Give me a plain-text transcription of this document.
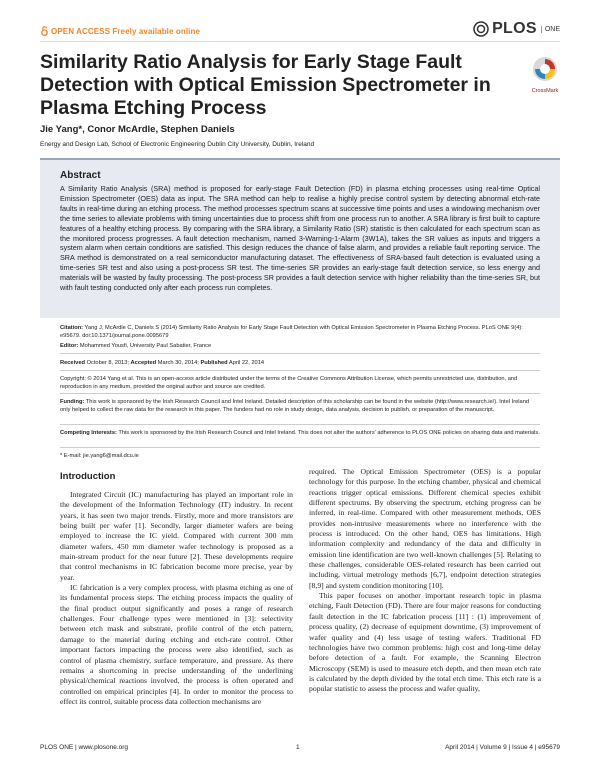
OPEN ACCESS Freely available online	PLOS	ONE
Similarity Ratio Analysis for Early Stage Fault Detection with Optical Emission Spectrometer in Plasma Etching Process
CrossMark
Jie Yang*, Conor McArdle, Stephen Daniels
Energy and Design Lab, School of Electronic Engineering Dublin City University, Dublin, Ireland
Abstract
A Similarity Ratio Analysis (SRA) method is proposed for early-stage Fault Detection (FD) in plasma etching processes using real-time Optical Emission Spectrometer (OES) data as input. The SRA method can help to realise a highly precise control system by detecting abnormal etch-rate faults in real-time during an etching process. The method processes spectrum scans at successive time points and uses a windowing mechanism over the time series to alleviate problems with timing uncertainties due to process shift from one process run to another. A SRA library is first built to capture features of a healthy etching process. By comparing with the SRA library, a Similarity Ratio (SR) statistic is then calculated for each spectrum scan as the monitored process progresses. A fault detection mechanism, named 3-Warning-1-Alarm (3W1A), takes the SR values as inputs and triggers a system alarm when certain conditions are satisfied. This design reduces the chance of false alarm, and provides a reliable fault reporting service. The SRA method is demonstrated on a real semiconductor manufacturing dataset. The effectiveness of SRA-based fault detection is evaluated using a time-series SR test and also using a post-process SR test. The time-series SR provides an early-stage fault detection service, so less energy and materials will be wasted by faulty processing. The post-process SR provides a fault detection service with higher reliability than the time-series SR, but with fault testing conducted only after each process run completes.
Citation: Yang J, McArdle C, Daniels S (2014) Similarity Ratio Analysis for Early Stage Fault Detection with Optical Emission Spectrometer in Plasma Etching Process. PLoS ONE 9(4): e95679. doi:10.1371/journal.pone.0095679
Editor: Mohammed Yousfi, University Paul Sabatier, France
Received October 8, 2013; Accepted March 30, 2014; Published April 22, 2014
Copyright: © 2014 Yang et al. This is an open-access article distributed under the terms of the Creative Commons Attribution License, which permits unrestricted use, distribution, and reproduction in any medium, provided the original author and source are credited.
Funding: This work is sponsored by the Irish Research Council and Intel Ireland. Detailed description of this scholarship can be found in the website (http://www.research.ie/). Intel Ireland only helped to collect the raw data for the research in this paper. The funders had no role in study design, data analysis, decision to publish, or preparation of the manuscript.
Competing Interests: This work is sponsored by the Irish Research Council and Intel Ireland. This does not alter the authors' adherence to PLOS ONE policies on sharing data and materials.
* E-mail: jie.yang6@mail.dcu.ie
Introduction

Integrated Circuit (IC) manufacturing has played an important role in the development of the Information Technology (IT) industry. In recent years, it has seen two major trends. Firstly, more and more transistors are being built per wafer [1]. Secondly, larger diameter wafers are being employed to increase the IC yield. Compared with current 300 mm diameter wafers, 450 mm diameter wafer technology is proposed as a main-stream product for the near future [2]. These developments require that control mechanisms in IC fabrication become more precise, year by year.

IC fabrication is a very complex process, with plasma etching as one of its fundamental process steps. The etching process impacts the quality of the final product output significantly and poses a range of research challenges. Four challenge types were mentioned in [3]: selectivity between etch mask and substrate, profile control of the etch pattern, damage to the material during etching and etch-rate control. Other important factors impacting the process were also identified, such as control of plasma chemistry, surface temperature, and pressure. As there remains a shortcoming in precise understanding of the underlining physical/chemical reactions involved, the process is often operated and controlled on empirical principles [4]. In order to monitor the process to effect its control, suitable process data collection mechanisms are

required. The Optical Emission Spectrometer (OES) is a popular technology for this purpose. In the etching chamber, physical and chemical reactions trigger optical emissions. Different chemical species exhibit different spectrums. By observing the spectrum, etching progress can be inferred, in real-time. Compared with other measurement methods, OES provides non-intrusive measurements where no interference with the process is introduced. On the other hand, OES has limitations. High information complexity and redundancy of the data and difficulty in emission line identification are two well-known challenges [5]. Relating to these challenges, considerable OES-related research has been carried out including, virtual metrology methods [6,7], endpoint detection strategies [8,9] and system condition monitoring [10].

This paper focuses on another important research topic in plasma etching, Fault Detection (FD). There are four major reasons for conducting fault detection in the IC fabrication process [11] : (1) improvement of process quality, (2) decrease of equipment downtime, (3) improvement of wafer quality and (4) less usage of testing wafers. Traditional FD technologies have two common problems: high cost and long-time delay before detection of a fault. For example, the Scanning Electron Microscopy (SEM) is used to measure etch depth, and then mean etch rate is calculated by the depth divided by the total etch time. This etch rate is a popular statistic to assess the process and wafer quality,

PLOS ONE | www.plosone.org	1	April 2014 | Volume 9 | Issue 4 | e95679
